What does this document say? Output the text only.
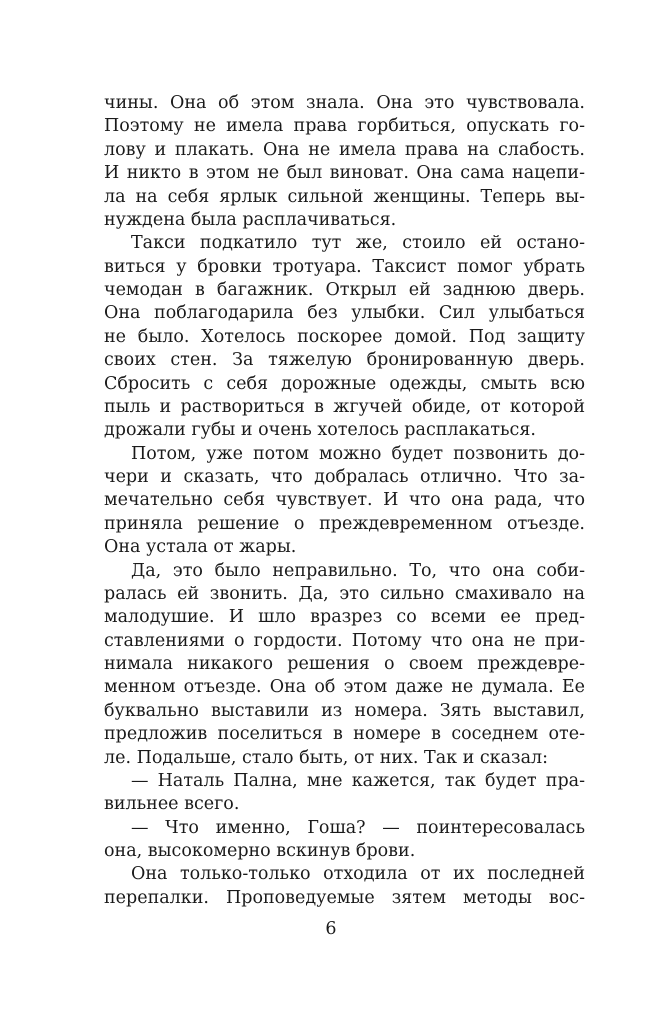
чины. Она об этом знала. Она это чувствовала.
Поэтому не имела права горбиться, опускать го-
лову и плакать. Она не имела права на слабость.
И никто в этом не был виноват. Она сама нацепи-
ла на себя ярлык сильной женщины. Теперь вы-
нуждена была расплачиваться.
Такси подкатило тут же, стоило ей остано-
виться у бровки тротуара. Таксист помог убрать
чемодан в багажник. Открыл ей заднюю дверь.
Она поблагодарила без улыбки. Сил улыбаться
не было. Хотелось поскорее домой. Под защиту
своих стен. За тяжелую бронированную дверь.
Сбросить с себя дорожные одежды, смыть всю
пыль и раствориться в жгучей обиде, от которой
дрожали губы и очень хотелось расплакаться.
Потом, уже потом можно будет позвонить до-
чери и сказать, что добралась отлично. Что за-
мечательно себя чувствует. И что она рада, что
приняла решение о преждевременном отъезде.
Она устала от жары.
Да, это было неправильно. То, что она соби-
ралась ей звонить. Да, это сильно смахивало на
малодушие. И шло вразрез со всеми ее пред-
ставлениями о гордости. Потому что она не при-
нимала никакого решения о своем преждевре-
менном отъезде. Она об этом даже не думала. Ее
буквально выставили из номера. Зять выставил,
предложив поселиться в номере в соседнем оте-
ле. Подальше, стало быть, от них. Так и сказал:
— Наталь Пална, мне кажется, так будет пра-
вильнее всего.
— Что именно, Гоша? — поинтересовалась
она, высокомерно вскинув брови.
Она только-только отходила от их последней
перепалки. Проповедуемые зятем методы вос-
6
